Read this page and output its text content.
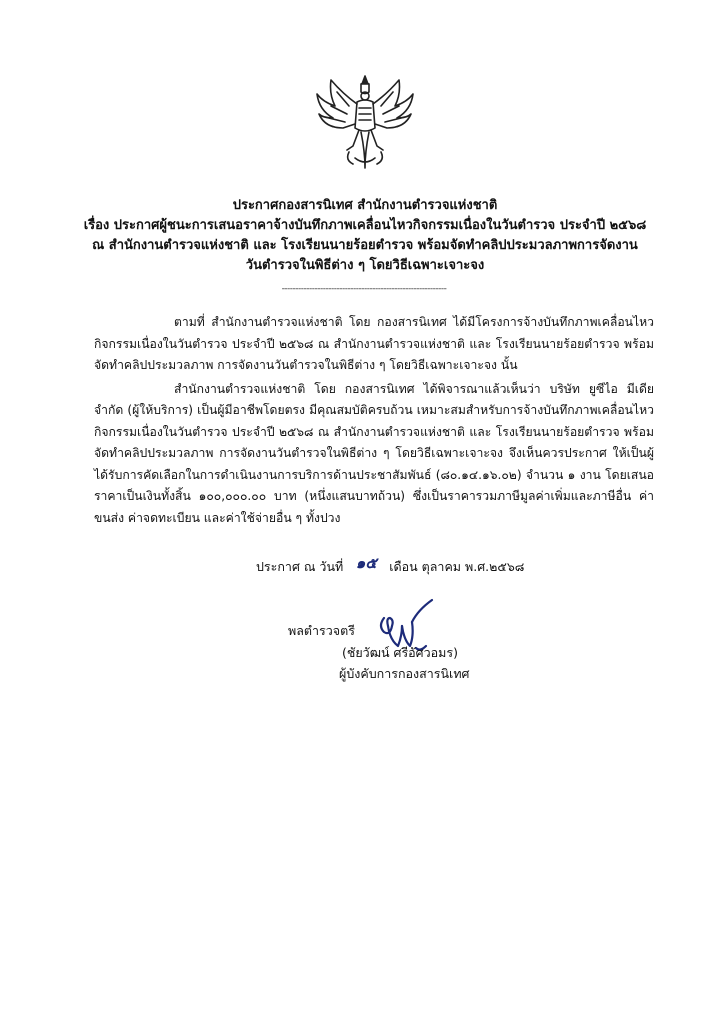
ประกาศกองสารนิเทศ สำนักงานตำรวจแห่งชาติ
เรื่อง ประกาศผู้ชนะการเสนอราคาจ้างบันทึกภาพเคลื่อนไหวกิจกรรมเนื่องในวันตำรวจ ประจำปี ๒๕๖๘
ณ สำนักงานตำรวจแห่งชาติ และ โรงเรียนนายร้อยตำรวจ พร้อมจัดทำคลิปประมวลภาพการจัดงาน
วันตำรวจในพิธีต่าง ๆ โดยวิธีเฉพาะเจาะจง
------------------------------------------------------------

ตามที่ สำนักงานตำรวจแห่งชาติ โดย กองสารนิเทศ ได้มีโครงการจ้างบันทึกภาพเคลื่อนไหว กิจกรรมเนื่องในวันตำรวจ ประจำปี ๒๕๖๘ ณ สำนักงานตำรวจแห่งชาติ และ โรงเรียนนายร้อยตำรวจ พร้อม จัดทำคลิปประมวลภาพ การจัดงานวันตำรวจในพิธีต่าง ๆ โดยวิธีเฉพาะเจาะจง นั้น

สำนักงานตำรวจแห่งชาติ โดย กองสารนิเทศ ได้พิจารณาแล้วเห็นว่า บริษัท ยูซีไอ มีเดีย จำกัด (ผู้ให้บริการ) เป็นผู้มีอาชีพโดยตรง มีคุณสมบัติครบถ้วน เหมาะสมสำหรับการจ้างบันทึกภาพเคลื่อนไหว กิจกรรมเนื่องในวันตำรวจ ประจำปี ๒๕๖๘ ณ สำนักงานตำรวจแห่งชาติ และ โรงเรียนนายร้อยตำรวจ พร้อมจัดทำคลิปประมวลภาพ การจัดงานวันตำรวจในพิธีต่าง ๆ โดยวิธีเฉพาะเจาะจง จึงเห็นควรประกาศ ให้เป็นผู้ได้รับการคัดเลือกในการดำเนินงานการบริการด้านประชาสัมพันธ์ (๘๐.๑๔.๑๖.๐๒) จำนวน ๑ งาน โดยเสนอราคาเป็นเงินทั้งสิ้น ๑๐๐,๐๐๐.๐๐ บาท (หนึ่งแสนบาทถ้วน) ซึ่งเป็นราคารวมภาษีมูลค่าเพิ่มและภาษีอื่น ค่าขนส่ง ค่าจดทะเบียน และค่าใช้จ่ายอื่น ๆ ทั้งปวง

ประกาศ ณ วันที่ ๑๕ เดือน ตุลาคม พ.ศ.๒๕๖๘
พลตำรวจตรี
(ชัยวัฒน์ ศรีอัศวอมร)
ผู้บังคับการกองสารนิเทศ
